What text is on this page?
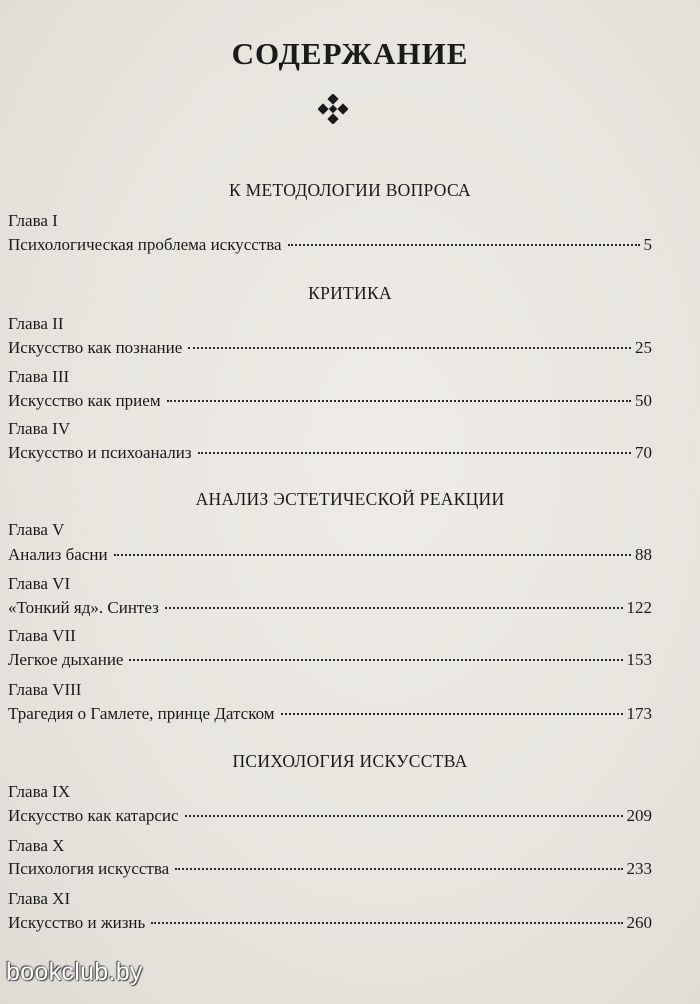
СОДЕРЖАНИЕ
К МЕТОДОЛОГИИ ВОПРОСА
Глава I
Психологическая проблема искусства	5
КРИТИКА
Глава II
Искусство как познание	25
Глава III
Искусство как прием	50
Глава IV
Искусство и психоанализ	70
АНАЛИЗ ЭСТЕТИЧЕСКОЙ РЕАКЦИИ
Глава V
Анализ басни	88
Глава VI
«Тонкий яд». Синтез	122
Глава VII
Легкое дыхание	153
Глава VIII
Трагедия о Гамлете, принце Датском	173
ПСИХОЛОГИЯ ИСКУССТВА
Глава IX
Искусство как катарсис	209
Глава X
Психология искусства	233
Глава XI
Искусство и жизнь	260
bookclub.by
